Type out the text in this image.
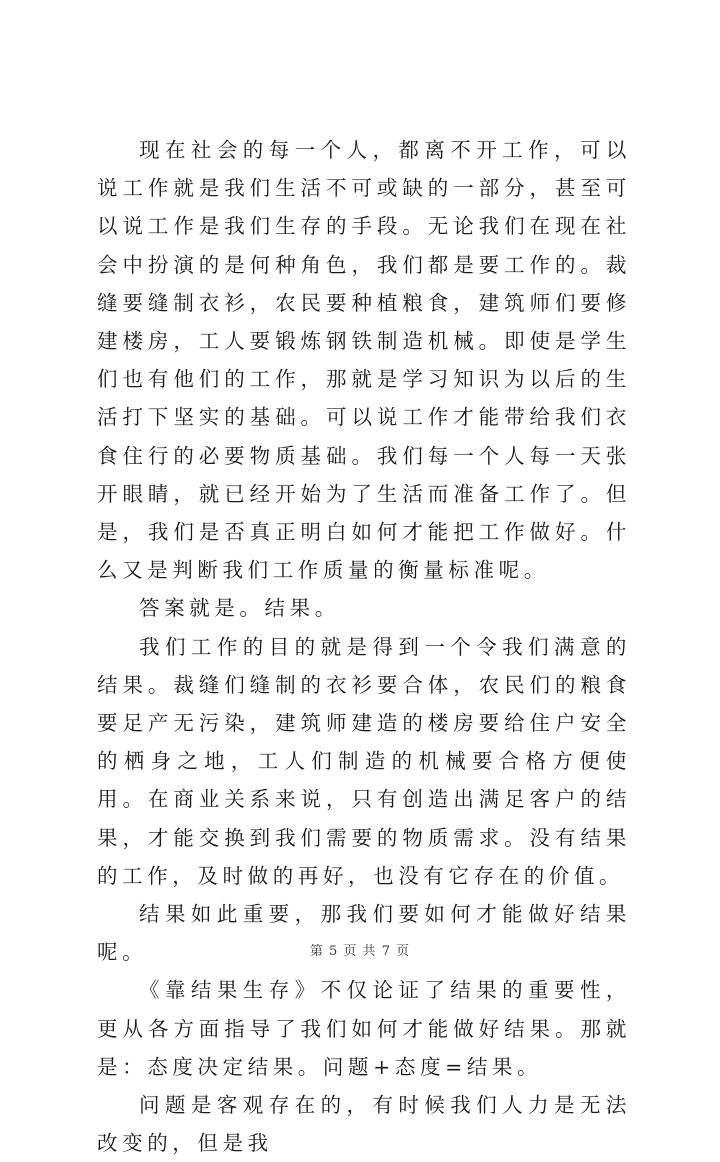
现在社会的每一个人，都离不开工作，可以说工作就是我们生活不可或缺的一部分，甚至可以说工作是我们生存的手段。无论我们在现在社会中扮演的是何种角色，我们都是要工作的。裁缝要缝制衣衫，农民要种植粮食，建筑师们要修建楼房，工人要锻炼钢铁制造机械。即使是学生们也有他们的工作，那就是学习知识为以后的生活打下坚实的基础。可以说工作才能带给我们衣食住行的必要物质基础。我们每一个人每一天张开眼睛，就已经开始为了生活而准备工作了。但是，我们是否真正明白如何才能把工作做好。什么又是判断我们工作质量的衡量标准呢。

答案就是。结果。

我们工作的目的就是得到一个令我们满意的结果。裁缝们缝制的衣衫要合体，农民们的粮食要足产无污染，建筑师建造的楼房要给住户安全的栖身之地，工人们制造的机械要合格方便使用。在商业关系来说，只有创造出满足客户的结果，才能交换到我们需要的物质需求。没有结果的工作，及时做的再好，也没有它存在的价值。

结果如此重要，那我们要如何才能做好结果呢。

《靠结果生存》不仅论证了结果的重要性，更从各方面指导了我们如何才能做好结果。那就是：态度决定结果。问题+态度=结果。

问题是客观存在的，有时候我们人力是无法改变的，但是我

第 5 页 共 7 页
